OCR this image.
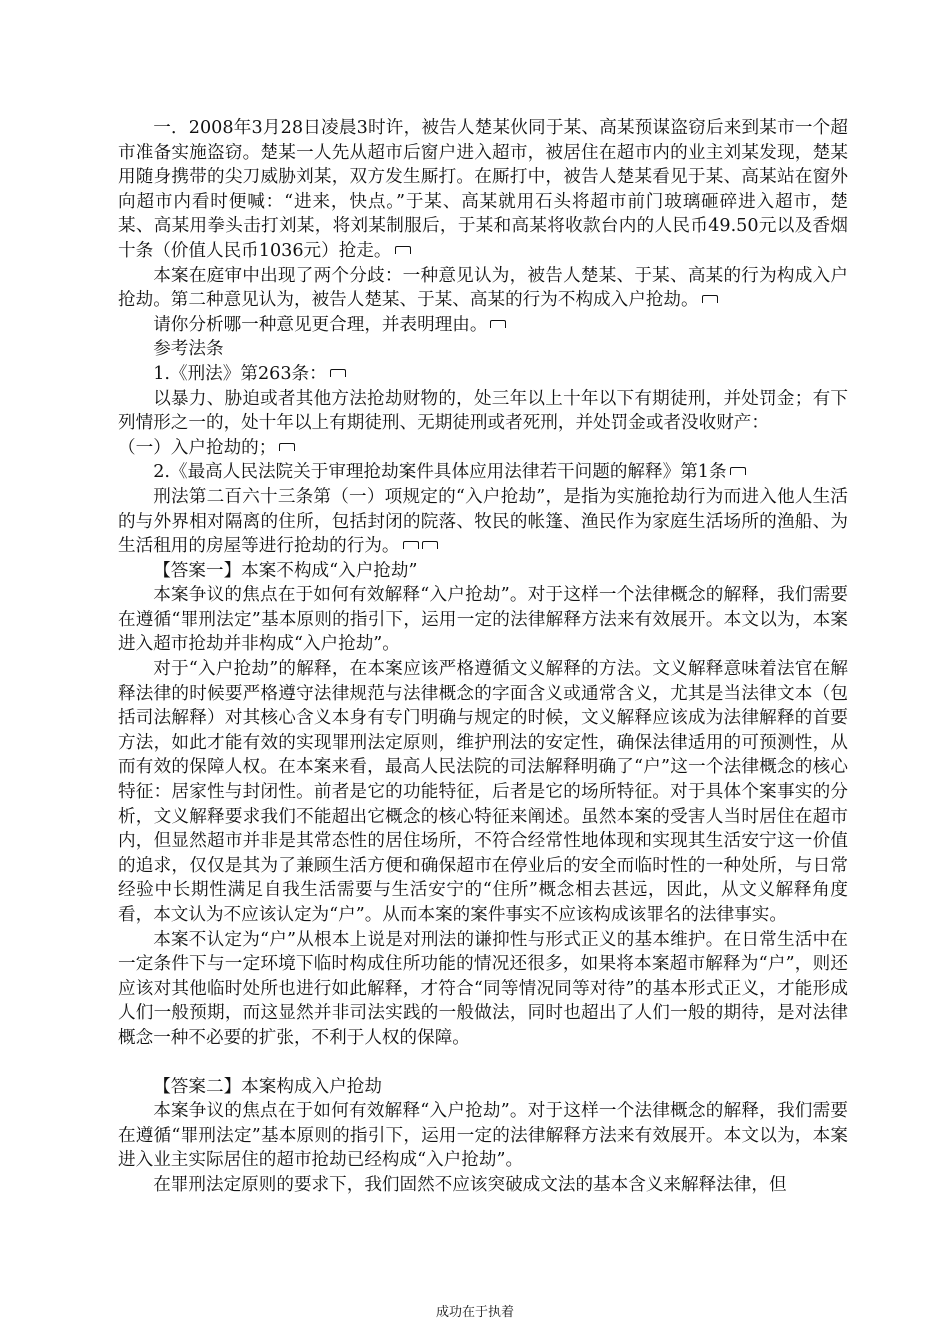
一．2008年3月28日凌晨3时许，被告人楚某伙同于某、高某预谋盗窃后来到某市一个超市准备实施盗窃。楚某一人先从超市后窗户进入超市，被居住在超市内的业主刘某发现，楚某用随身携带的尖刀威胁刘某，双方发生厮打。在厮打中，被告人楚某看见于某、高某站在窗外向超市内看时便喊：“进来，快点。”于某、高某就用石头将超市前门玻璃砸碎进入超市，楚某、高某用拳头击打刘某，将刘某制服后，于某和高某将收款台内的人民币49.50元以及香烟十条（价值人民币1036元）抢走。

本案在庭审中出现了两个分歧：一种意见认为，被告人楚某、于某、高某的行为构成入户抢劫。第二种意见认为，被告人楚某、于某、高某的行为不构成入户抢劫。

请你分析哪一种意见更合理，并表明理由。

参考法条

1.《刑法》第263条：

以暴力、胁迫或者其他方法抢劫财物的，处三年以上十年以下有期徒刑，并处罚金；有下列情形之一的，处十年以上有期徒刑、无期徒刑或者死刑，并处罚金或者没收财产：

（一）入户抢劫的；

2.《最高人民法院关于审理抢劫案件具体应用法律若干问题的解释》第1条

刑法第二百六十三条第（一）项规定的“入户抢劫”，是指为实施抢劫行为而进入他人生活的与外界相对隔离的住所，包括封闭的院落、牧民的帐篷、渔民作为家庭生活场所的渔船、为生活租用的房屋等进行抢劫的行为。

【答案一】本案不构成“入户抢劫”

本案争议的焦点在于如何有效解释“入户抢劫”。对于这样一个法律概念的解释，我们需要在遵循“罪刑法定”基本原则的指引下，运用一定的法律解释方法来有效展开。本文以为，本案进入超市抢劫并非构成“入户抢劫”。

对于“入户抢劫”的解释，在本案应该严格遵循文义解释的方法。文义解释意味着法官在解释法律的时候要严格遵守法律规范与法律概念的字面含义或通常含义，尤其是当法律文本（包括司法解释）对其核心含义本身有专门明确与规定的时候，文义解释应该成为法律解释的首要方法，如此才能有效的实现罪刑法定原则，维护刑法的安定性，确保法律适用的可预测性，从而有效的保障人权。在本案来看，最高人民法院的司法解释明确了“户”这一个法律概念的核心特征：居家性与封闭性。前者是它的功能特征，后者是它的场所特征。对于具体个案事实的分析，文义解释要求我们不能超出它概念的核心特征来阐述。虽然本案的受害人当时居住在超市内，但显然超市并非是其常态性的居住场所，不符合经常性地体现和实现其生活安宁这一价值的追求，仅仅是其为了兼顾生活方便和确保超市在停业后的安全而临时性的一种处所，与日常经验中长期性满足自我生活需要与生活安宁的“住所”概念相去甚远，因此，从文义解释角度看，本文认为不应该认定为“户”。从而本案的案件事实不应该构成该罪名的法律事实。

本案不认定为“户”从根本上说是对刑法的谦抑性与形式正义的基本维护。在日常生活中在一定条件下与一定环境下临时构成住所功能的情况还很多，如果将本案超市解释为“户”，则还应该对其他临时处所也进行如此解释，才符合“同等情况同等对待”的基本形式正义，才能形成人们一般预期，而这显然并非司法实践的一般做法，同时也超出了人们一般的期待，是对法律概念一种不必要的扩张，不利于人权的保障。

【答案二】本案构成入户抢劫

本案争议的焦点在于如何有效解释“入户抢劫”。对于这样一个法律概念的解释，我们需要在遵循“罪刑法定”基本原则的指引下，运用一定的法律解释方法来有效展开。本文以为，本案进入业主实际居住的超市抢劫已经构成“入户抢劫”。

在罪刑法定原则的要求下，我们固然不应该突破成文法的基本含义来解释法律，但

成功在于执着
